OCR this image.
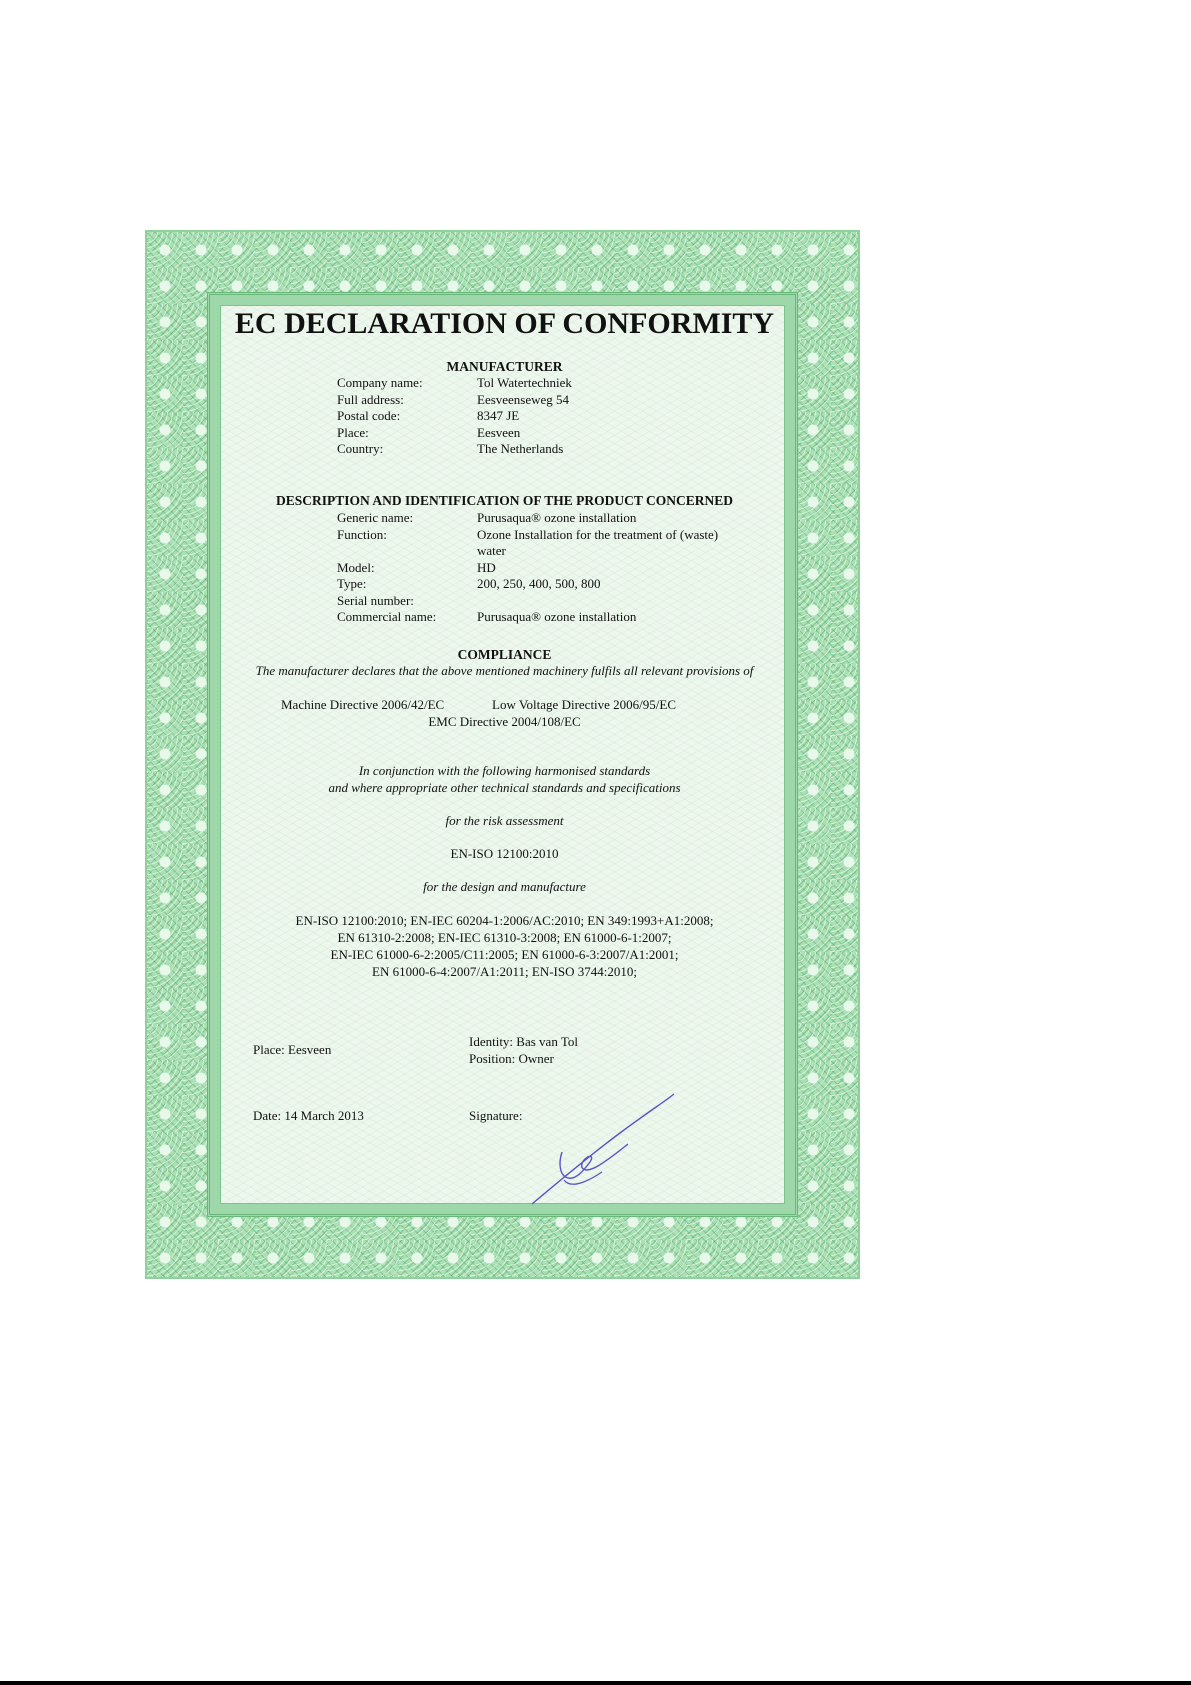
EC DECLARATION OF CONFORMITY
MANUFACTURER
Company name:	Tol Watertechniek
Full address:	Eesveenseweg 54
Postal code:	8347 JE
Place:	Eesveen
Country:	The Netherlands
DESCRIPTION AND IDENTIFICATION OF THE PRODUCT CONCERNED
Generic name:	Purusaqua® ozone installation
Function:	Ozone Installation for the treatment of (waste) water
Model:	HD
Type:	200, 250, 400, 500, 800
Serial number:
Commercial name:	Purusaqua® ozone installation
COMPLIANCE
The manufacturer declares that the above mentioned machinery fulfils all relevant provisions of
Machine Directive 2006/42/EC	Low Voltage Directive 2006/95/EC
EMC Directive 2004/108/EC
In conjunction with the following harmonised standards
and where appropriate other technical standards and specifications
for the risk assessment
EN-ISO 12100:2010
for the design and manufacture
EN-ISO 12100:2010; EN-IEC 60204-1:2006/AC:2010; EN 349:1993+A1:2008;
EN 61310-2:2008; EN-IEC 61310-3:2008; EN 61000-6-1:2007;
EN-IEC 61000-6-2:2005/C11:2005; EN 61000-6-3:2007/A1:2001;
EN 61000-6-4:2007/A1:2011; EN-ISO 3744:2010;
Place: Eesveen
Identity: Bas van Tol
Position: Owner
Date: 14 March 2013	Signature:
